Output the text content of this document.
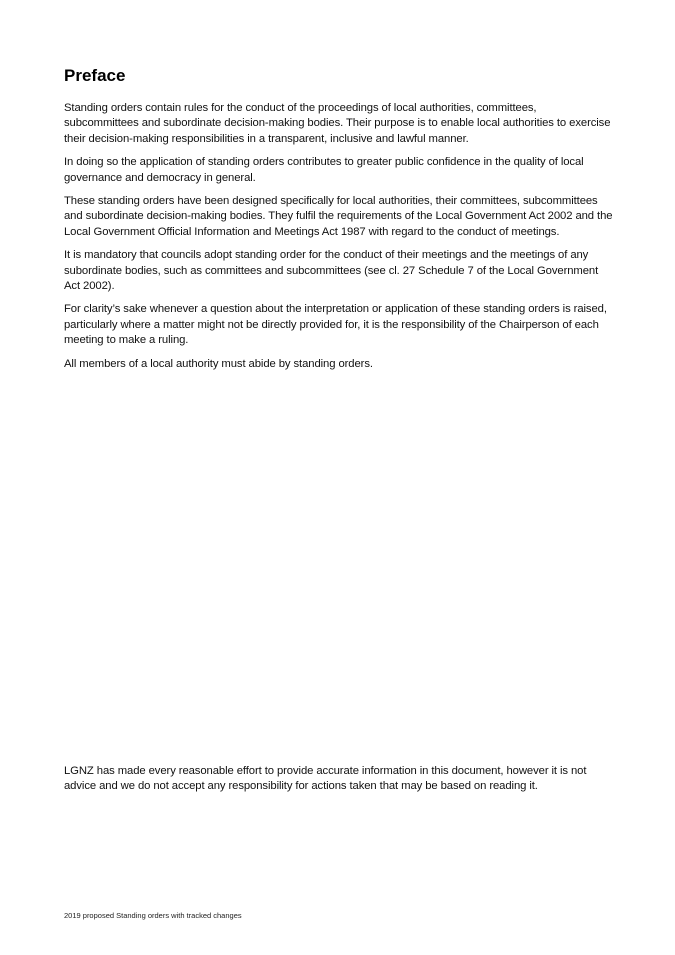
Preface

Standing orders contain rules for the conduct of the proceedings of local authorities, committees, subcommittees and subordinate decision-making bodies. Their purpose is to enable local authorities to exercise their decision-making responsibilities in a transparent, inclusive and lawful manner.

In doing so the application of standing orders contributes to greater public confidence in the quality of local governance and democracy in general.

These standing orders have been designed specifically for local authorities, their committees, subcommittees and subordinate decision-making bodies. They fulfil the requirements of the Local Government Act 2002 and the Local Government Official Information and Meetings Act 1987 with regard to the conduct of meetings.

It is mandatory that councils adopt standing order for the conduct of their meetings and the meetings of any subordinate bodies, such as committees and subcommittees (see cl. 27 Schedule 7 of the Local Government Act 2002).

For clarity’s sake whenever a question about the interpretation or application of these standing orders is raised, particularly where a matter might not be directly provided for, it is the responsibility of the Chairperson of each meeting to make a ruling.

All members of a local authority must abide by standing orders.

LGNZ has made every reasonable effort to provide accurate information in this document, however it is not advice and we do not accept any responsibility for actions taken that may be based on reading it.

2019 proposed Standing orders with tracked changes
